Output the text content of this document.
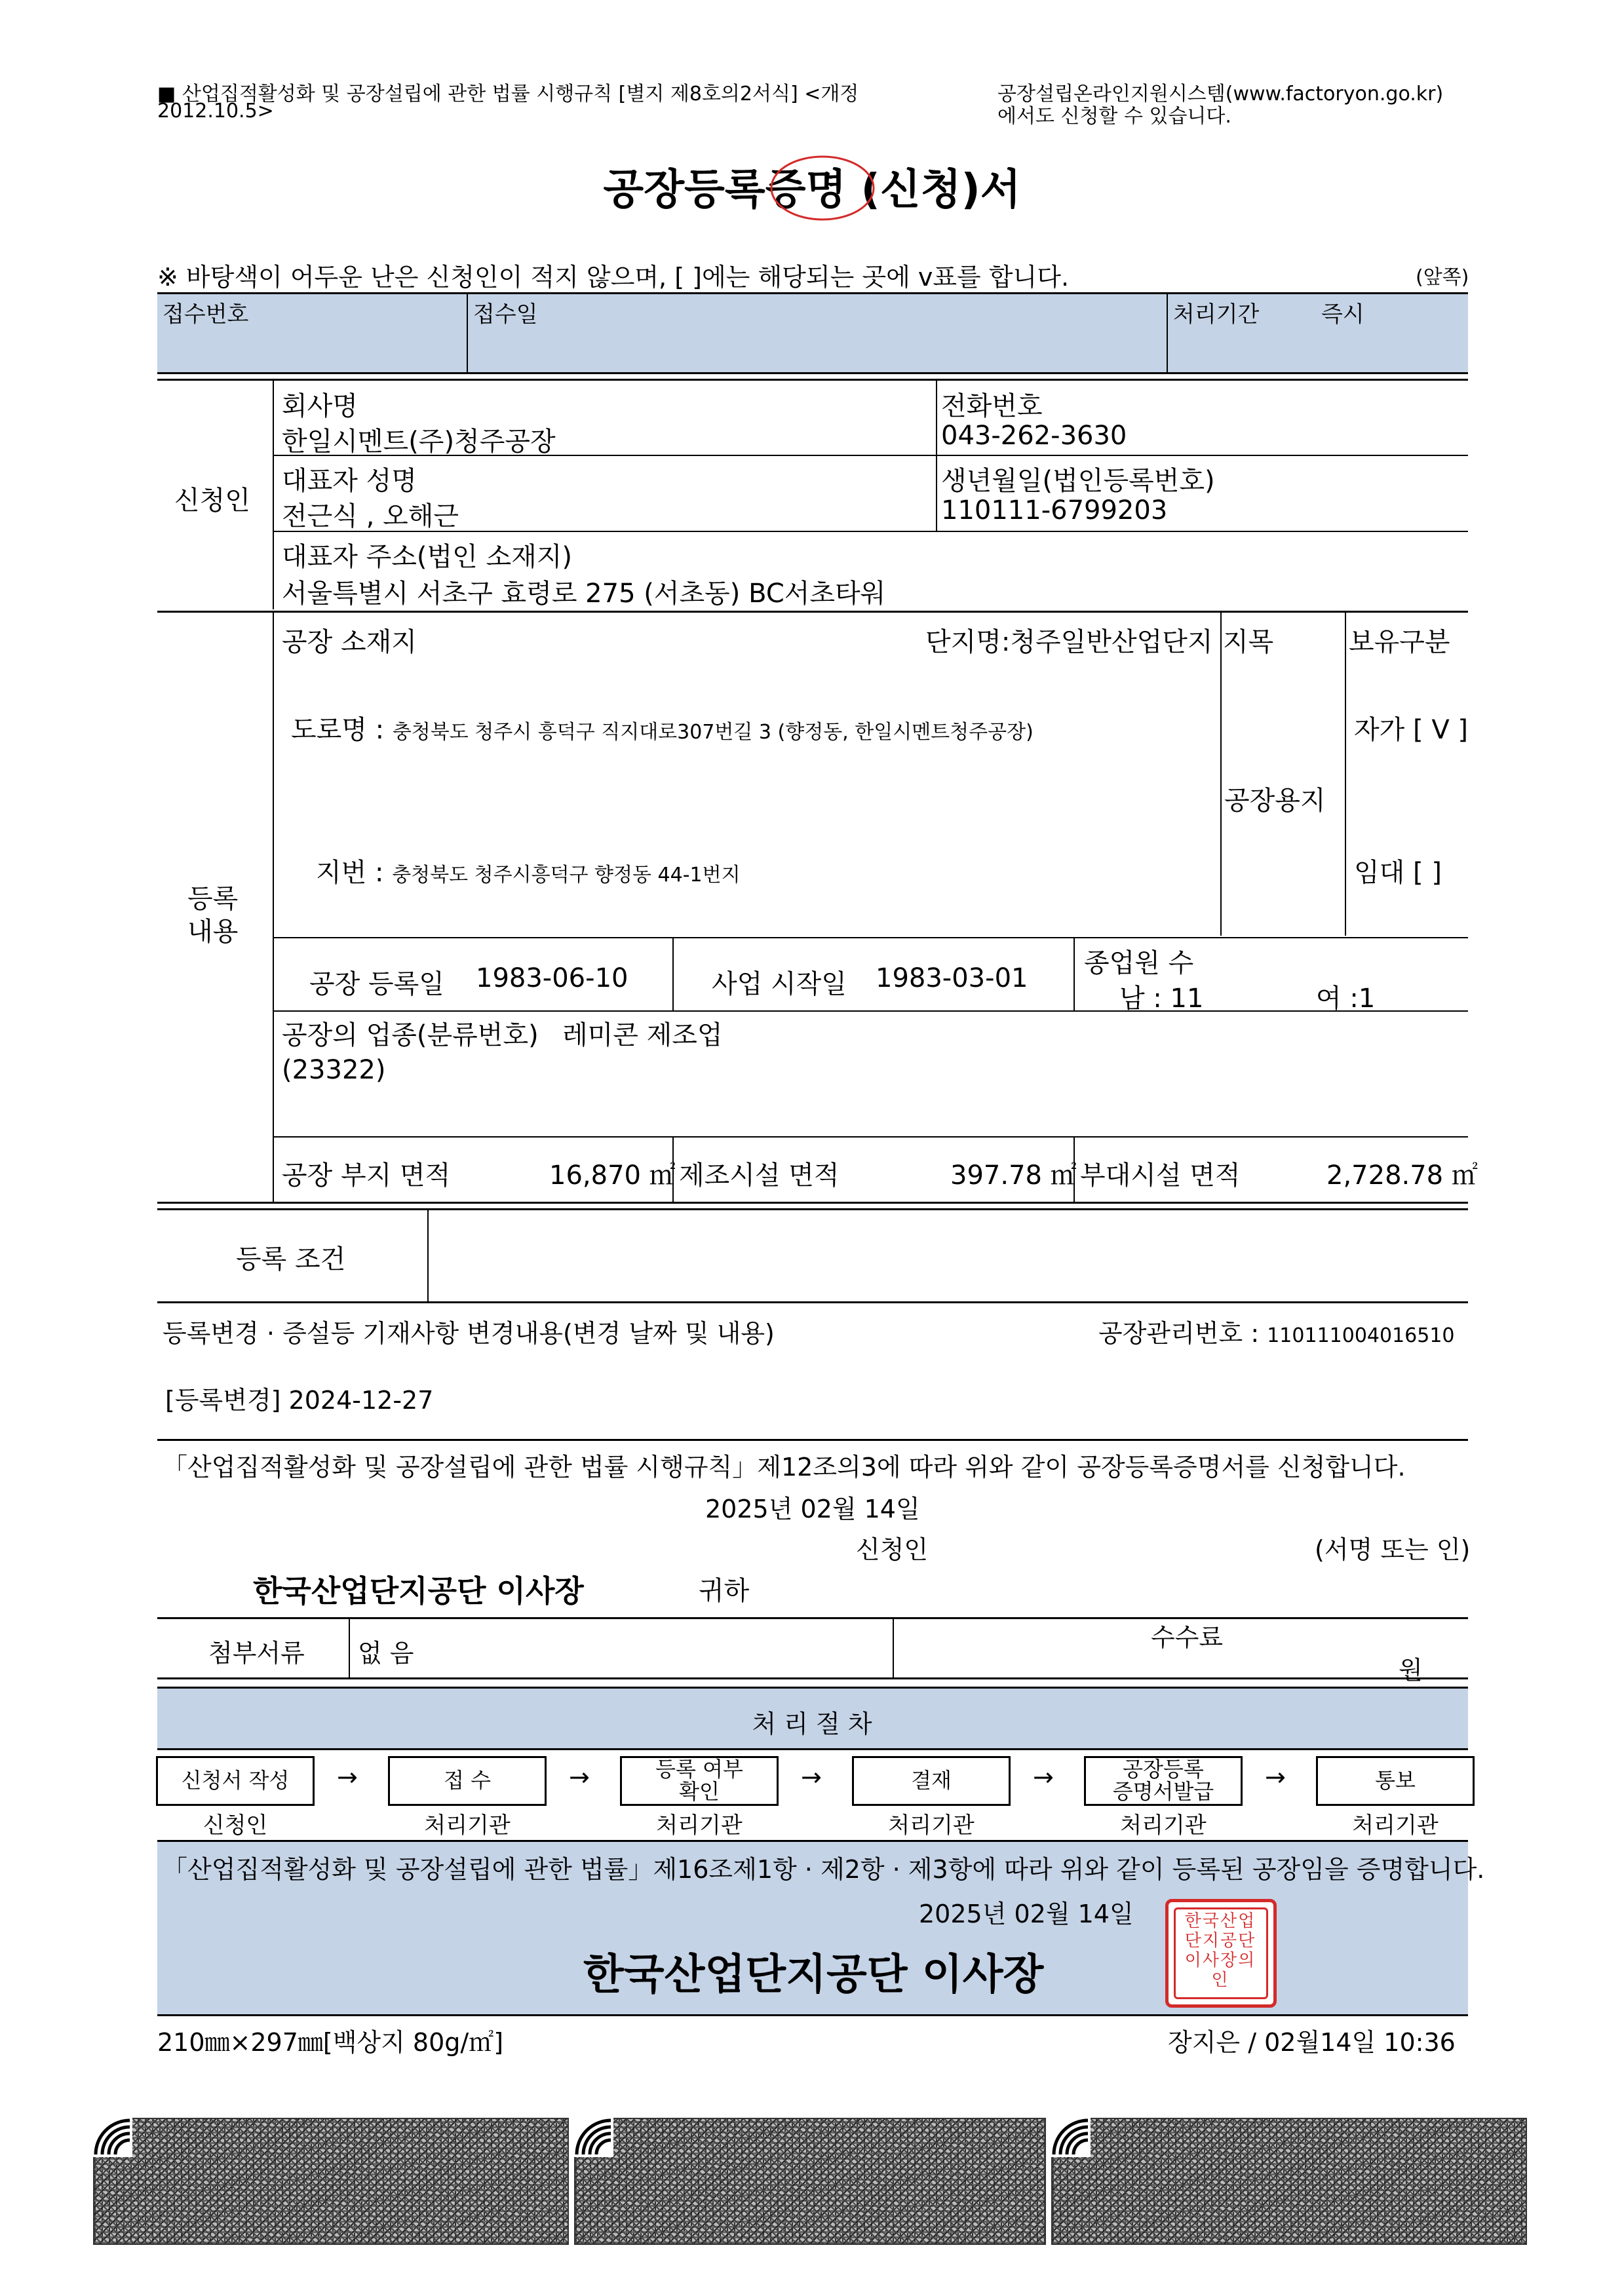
■ 산업집적활성화 및 공장설립에 관한 법률 시행규칙 [별지 제8호의2서식] <개정
2012.10.5>
공장설립온라인지원시스템(www.factoryon.go.kr)
에서도 신청할 수 있습니다.
공장등록증명 (신청)서
※ 바탕색이 어두운 난은 신청인이 적지 않으며, [ ]에는 해당되는 곳에 v표를 합니다.	(앞쪽)
접수번호	접수일	처리기간	즉시
신청인
회사명
한일시멘트(주)청주공장
전화번호
043-262-3630
대표자 성명
전근식 , 오해근
생년월일(법인등록번호)
110111-6799203
대표자 주소(법인 소재지)
서울특별시 서초구 효령로 275 (서초동) BC서초타워
등록
내용
공장 소재지	단지명:청주일반산업단지 지목	보유구분
도로명 : 충청북도 청주시 흥덕구 직지대로307번길 3 (향정동, 한일시멘트청주공장)
지번 : 충청북도 청주시흥덕구 향정동 44-1번지
공장용지
자가 [ V ]
임대 [ ]
공장 등록일 1983-06-10	사업 시작일 1983-03-01 종업원 수
남 : 11	여 :1
공장의 업종(분류번호) 레미콘 제조업
(23322)
공장 부지 면적	16,870 ㎡ 제조시설 면적	397.78 ㎡ 부대시설 면적	2,728.78 ㎡
등록 조건
등록변경 · 증설등 기재사항 변경내용(변경 날짜 및 내용)	공장관리번호 : 110111004016510
[등록변경] 2024-12-27
「산업집적활성화 및 공장설립에 관한 법률 시행규칙」제12조의3에 따라 위와 같이 공장등록증명서를 신청합니다.
2025년 02월 14일
신청인	(서명 또는 인)
한국산업단지공단 이사장	귀하
첨부서류 없 음
수수료
원
처 리 절 차
신청서 작성 →	접 수	→	등록 여부
확인	→	결재	→	공장등록
증명서발급 →	통보
신청인	처리기관	처리기관	처리기관	처리기관	처리기관
「산업집적활성화 및 공장설립에 관한 법률」제16조제1항 · 제2항 · 제3항에 따라 위와 같이 등록된 공장임을 증명합니다.
2025년 02월 14일
한국산업단지공단 이사장
한국산업단지공단이사장의인
210㎜×297㎜[백상지 80g/㎡]	장지은 / 02월14일 10:36
